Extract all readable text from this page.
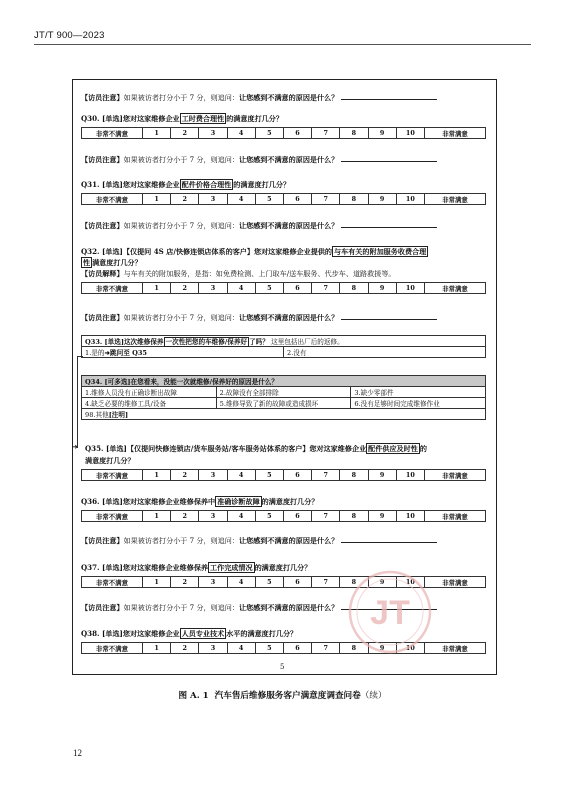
JT/T 900—2023
【访员注意】如果被访者打分小于 7 分，则追问：让您感到不满意的原因是什么？
Q30. [单选]您对这家维修企业 工时费合理性 的满意度打几分？
非常不满意	1	2	3	4	5	6	7	8	9	10	非常满意
【访员注意】如果被访者打分小于 7 分，则追问：让您感到不满意的原因是什么？
Q31. [单选]您对这家维修企业 配件价格合理性 的满意度打几分？
非常不满意	1	2	3	4	5	6	7	8	9	10	非常满意
【访员注意】如果被访者打分小于 7 分，则追问：让您感到不满意的原因是什么？
Q32. [单选]【仅提问 4S 店/快修连锁店体系的客户】您对这家维修企业提供的 与车有关的附加服务收费合理
性 满意度打几分？
【访员解释】与车有关的附加服务，是指：如免费检测、上门取车/送车服务、代步车、道路救援等。
非常不满意	1	2	3	4	5	6	7	8	9	10	非常满意
【访员注意】如果被访者打分小于 7 分，则追问：让您感到不满意的原因是什么？
Q33. [单选]这次维修保养 一次性把您的车维修/保养好 了吗？ 这里包括出厂后的返修。
1.是的➜跳问至 Q35	2.没有
Q34. [可多选]在您看来，没能一次就维修/保养好的原因是什么？		
1.维修人员没有正确诊断出故障	2.故障没有全部排除	3.缺少零部件
4.缺乏必要的维修工具/设备	5.维修导致了新的故障或造成损坏	6.没有足够时间完成维修作业
98.其他[注明]		
➜ Q35. [单选]【仅提问快修连锁店/货车服务站/客车服务站体系的客户】您对这家维修企业 配件供应及时性 的
满意度打几分？
非常不满意	1	2	3	4	5	6	7	8	9	10	非常满意
Q36. [单选]您对这家维修企业维修保养中 准确诊断故障 的满意度打几分？
非常不满意	1	2	3	4	5	6	7	8	9	10	非常满意
【访员注意】如果被访者打分小于 7 分，则追问：让您感到不满意的原因是什么？
Q37. [单选]您对这家维修企业维修保养 工作完成情况 的满意度打几分？
非常不满意	1	2	3	4	5	6	7	8	9	10	非常满意
【访员注意】如果被访者打分小于 7 分，则追问：让您感到不满意的原因是什么？
Q38. [单选]您对这家维修企业 人员专业技术 水平的满意度打几分？
非常不满意	1	2	3	4	5	6	7	8	9	10	非常满意
5
JT
图 A. 1 汽车售后维修服务客户满意度调查问卷（续）
12
